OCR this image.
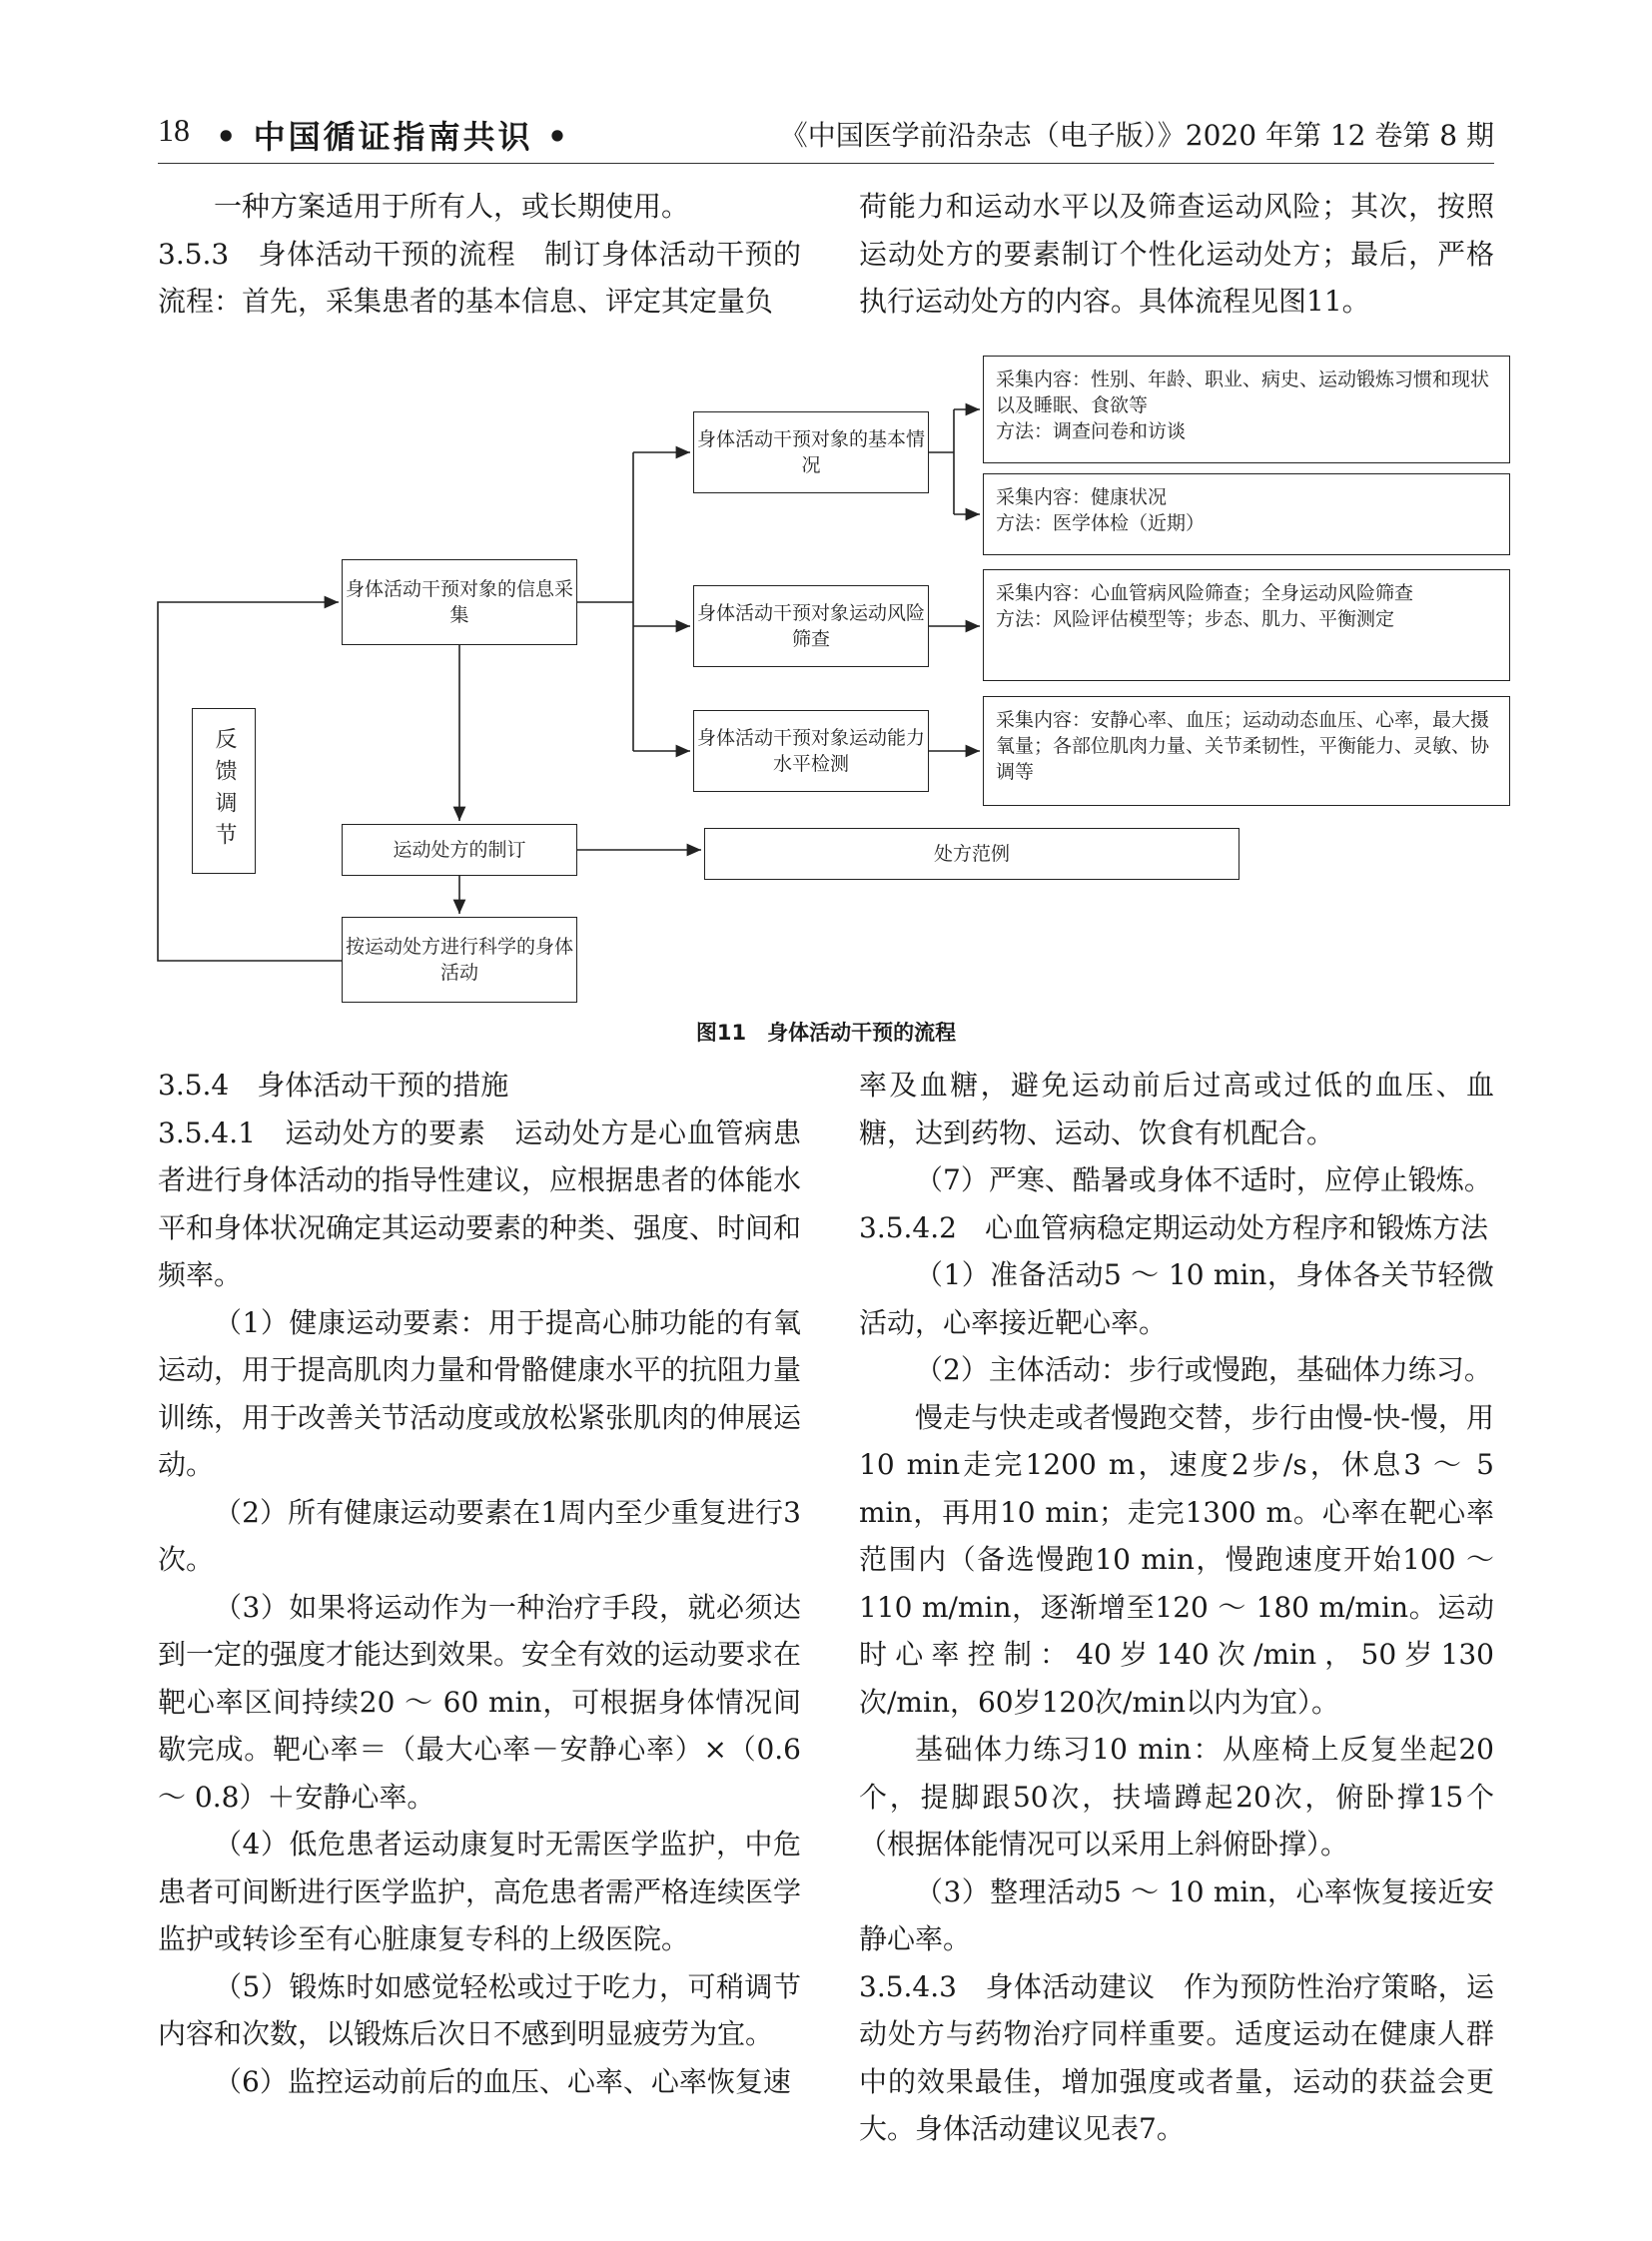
18 • 中国循证指南共识 •	《中国医学前沿杂志（电子版）》2020 年第 12 卷第 8 期

一种方案适用于所有人，或长期使用。

3.5.3　身体活动干预的流程　制订身体活动干预的流程：首先，采集患者的基本信息、评定其定量负

荷能力和运动水平以及筛查运动风险；其次，按照运动处方的要素制订个性化运动处方；最后，严格执行运动处方的内容。具体流程见图11。

身体活动干预对象的信息采集
反馈调节	运动处方的制订
按运动处方进行科学的身体活动
处方范例
身体活动干预对象的基本情况
身体活动干预对象运动风险筛查
身体活动干预对象运动能力水平检测
采集内容：性别、年龄、职业、病史、运动锻炼习惯和现状以及睡眠、食欲等
方法：调查问卷和访谈
采集内容：健康状况
方法：医学体检（近期）
采集内容：心血管病风险筛查；全身运动风险筛查
方法：风险评估模型等；步态、肌力、平衡测定
采集内容：安静心率、血压；运动动态血压、心率，最大摄氧量；各部位肌肉力量、关节柔韧性，平衡能力、灵敏、协调等
图11　身体活动干预的流程

3.5.4　身体活动干预的措施

3.5.4.1　运动处方的要素　运动处方是心血管病患者进行身体活动的指导性建议，应根据患者的体能水平和身体状况确定其运动要素的种类、强度、时间和频率。

（1）健康运动要素：用于提高心肺功能的有氧运动，用于提高肌肉力量和骨骼健康水平的抗阻力量训练，用于改善关节活动度或放松紧张肌肉的伸展运动。

（2）所有健康运动要素在1周内至少重复进行3次。

（3）如果将运动作为一种治疗手段，就必须达到一定的强度才能达到效果。安全有效的运动要求在靶心率区间持续20 ～ 60 min，可根据身体情况间歇完成。靶心率＝（最大心率－安静心率）×（0.6 ～ 0.8）＋安静心率。

（4）低危患者运动康复时无需医学监护，中危患者可间断进行医学监护，高危患者需严格连续医学监护或转诊至有心脏康复专科的上级医院。

（5）锻炼时如感觉轻松或过于吃力，可稍调节内容和次数，以锻炼后次日不感到明显疲劳为宜。

（6）监控运动前后的血压、心率、心率恢复速

率及血糖，避免运动前后过高或过低的血压、血糖，达到药物、运动、饮食有机配合。

（7）严寒、酷暑或身体不适时，应停止锻炼。

3.5.4.2　心血管病稳定期运动处方程序和锻炼方法

（1）准备活动5 ～ 10 min，身体各关节轻微活动，心率接近靶心率。

（2）主体活动：步行或慢跑，基础体力练习。

慢走与快走或者慢跑交替，步行由慢-快-慢，用10 min走完1200 m，速度2步/s，休息3 ～ 5 min，再用10 min；走完1300 m。心率在靶心率范围内（备选慢跑10 min，慢跑速度开始100 ～ 110 m/min，逐渐增至120 ～ 180 m/min。运动时心率控制：40岁140次/min，50岁130次/min，60岁120次/min以内为宜）。

基础体力练习10 min：从座椅上反复坐起20个，提脚跟50次，扶墙蹲起20次，俯卧撑15个（根据体能情况可以采用上斜俯卧撑）。

（3）整理活动5 ～ 10 min，心率恢复接近安静心率。

3.5.4.3　身体活动建议　作为预防性治疗策略，运动处方与药物治疗同样重要。适度运动在健康人群中的效果最佳，增加强度或者量，运动的获益会更大。身体活动建议见表7。
